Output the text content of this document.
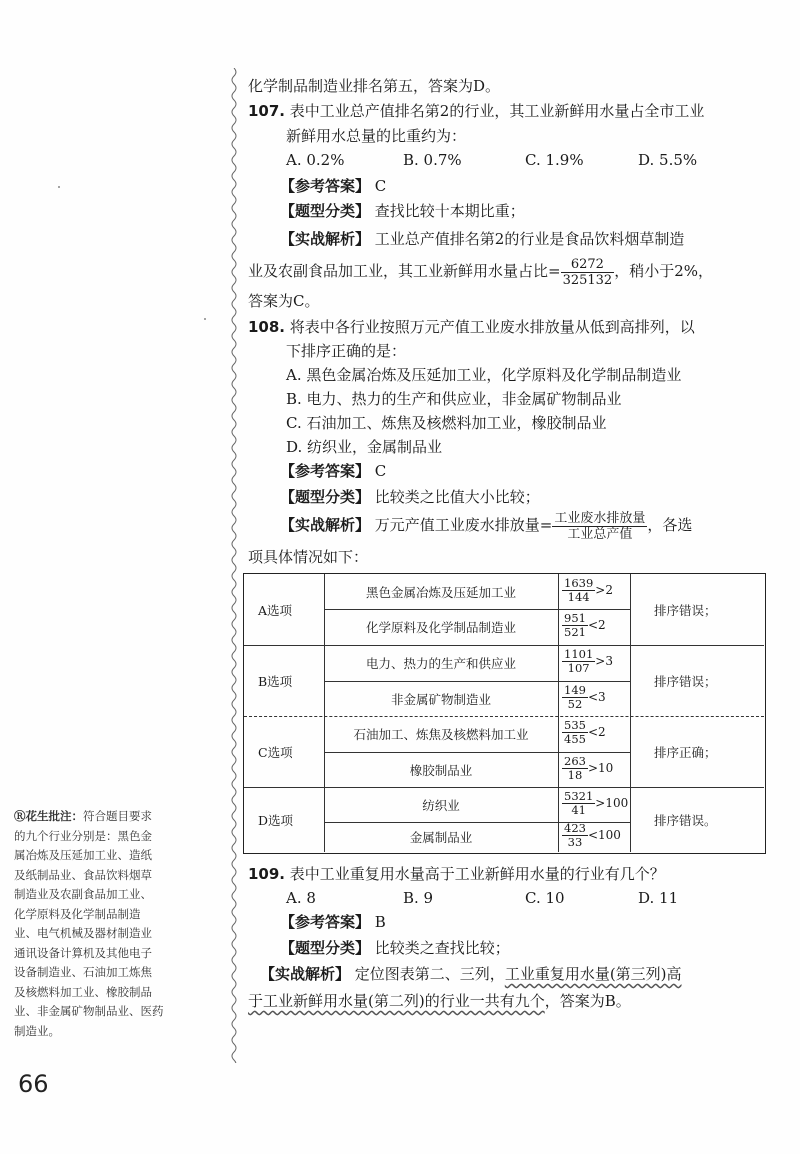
化学制品制造业排名第五，答案为D。
107. 表中工业总产值排名第2的行业，其工业新鲜用水量占全市工业
新鲜用水总量的比重约为：
A. 0.2%	B. 0.7%	C. 1.9%	D. 5.5%
【参考答案】 C
【题型分类】 查找比较十本期比重；
【实战解析】 工业总产值排名第2的行业是食品饮料烟草制造
业及农副食品加工业，其工业新鲜用水量占比= $\frac{6272}{325132}$ ，稍小于2%，
答案为C。
108. 将表中各行业按照万元产值工业废水排放量从低到高排列，以
下排序正确的是：
A. 黑色金属冶炼及压延加工业，化学原料及化学制品制造业
B. 电力、热力的生产和供应业，非金属矿物制品业
C. 石油加工、炼焦及核燃料加工业，橡胶制品业
D. 纺织业，金属制品业
【参考答案】 C
【题型分类】 比较类之比值大小比较；
【实战解析】 万元产值工业废水排放量= $\frac{\text{工业废水排放量}}{\text{工业总产值}}$ ，各选
项具体情况如下：
A选项	排序错误；
黑色金属冶炼及压延加工业	$\frac{1639}{144} >2$
化学原料及化学制品制造业	$\frac{951}{521} <2$
B选项	排序错误；
电力、热力的生产和供应业	$\frac{1101}{107} >3$
非金属矿物制造业	$\frac{149}{52} <3$
C选项	排序正确；
石油加工、炼焦及核燃料加工业	$\frac{535}{455} <2$
橡胶制品业	$\frac{263}{18} >10$
D选项	排序错误。
纺织业	$\frac{5321}{41} >100$
金属制品业	$\frac{423}{33} <100$
109. 表中工业重复用水量高于工业新鲜用水量的行业有几个？
A. 8	B. 9	C. 10	D. 11
【参考答案】 B
【题型分类】 比较类之查找比较；
【实战解析】 定位图表第二、三列，工业重复用水量(第三列)高
于工业新鲜用水量(第二列)的行业一共有九个，答案为B。
Ⓡ花生批注：符合题目要求
的九个行业分别是：黑色金
属冶炼及压延加工业、造纸
及纸制品业、食品饮料烟草
制造业及农副食品加工业、
化学原料及化学制品制造
业、电气机械及器材制造业
通讯设备计算机及其他电子
设备制造业、石油加工炼焦
及核燃料加工业、橡胶制品
业、非金属矿物制品业、医药
制造业。
66
